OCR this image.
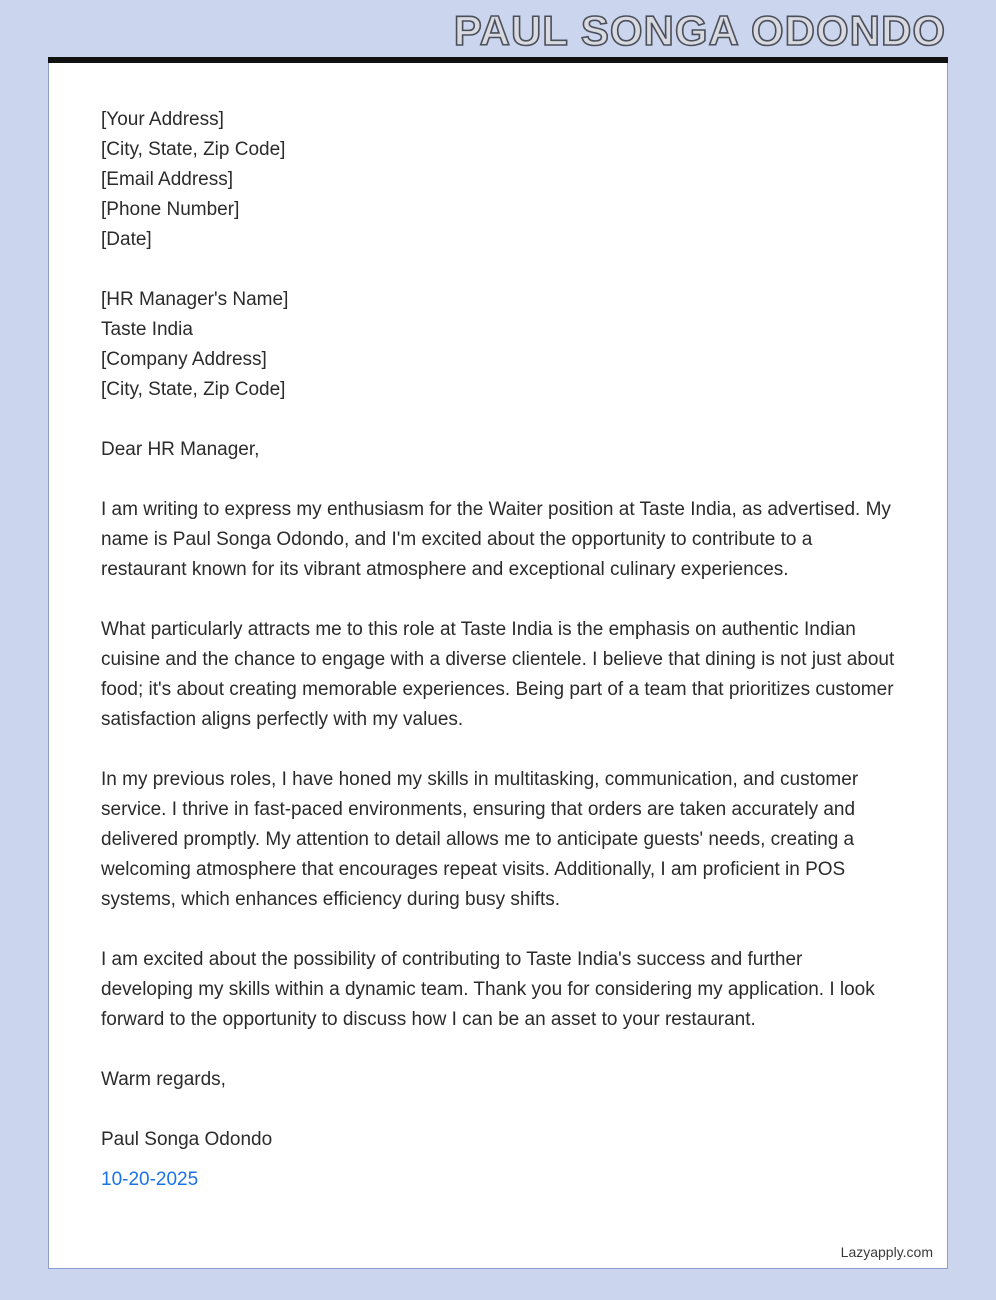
PAUL SONGA ODONDO

[Your Address]

[City, State, Zip Code]

[Email Address]

[Phone Number]

[Date]

[HR Manager's Name]

Taste India

[Company Address]

[City, State, Zip Code]

Dear HR Manager,

I am writing to express my enthusiasm for the Waiter position at Taste India, as advertised. My name is Paul Songa Odondo, and I'm excited about the opportunity to contribute to a restaurant known for its vibrant atmosphere and exceptional culinary experiences.

What particularly attracts me to this role at Taste India is the emphasis on authentic Indian cuisine and the chance to engage with a diverse clientele. I believe that dining is not just about food; it's about creating memorable experiences. Being part of a team that prioritizes customer satisfaction aligns perfectly with my values.

In my previous roles, I have honed my skills in multitasking, communication, and customer service. I thrive in fast-paced environments, ensuring that orders are taken accurately and delivered promptly. My attention to detail allows me to anticipate guests' needs, creating a welcoming atmosphere that encourages repeat visits. Additionally, I am proficient in POS systems, which enhances efficiency during busy shifts.

I am excited about the possibility of contributing to Taste India's success and further developing my skills within a dynamic team. Thank you for considering my application. I look forward to the opportunity to discuss how I can be an asset to your restaurant.

Warm regards,

Paul Songa Odondo

10-20-2025

Lazyapply.com
